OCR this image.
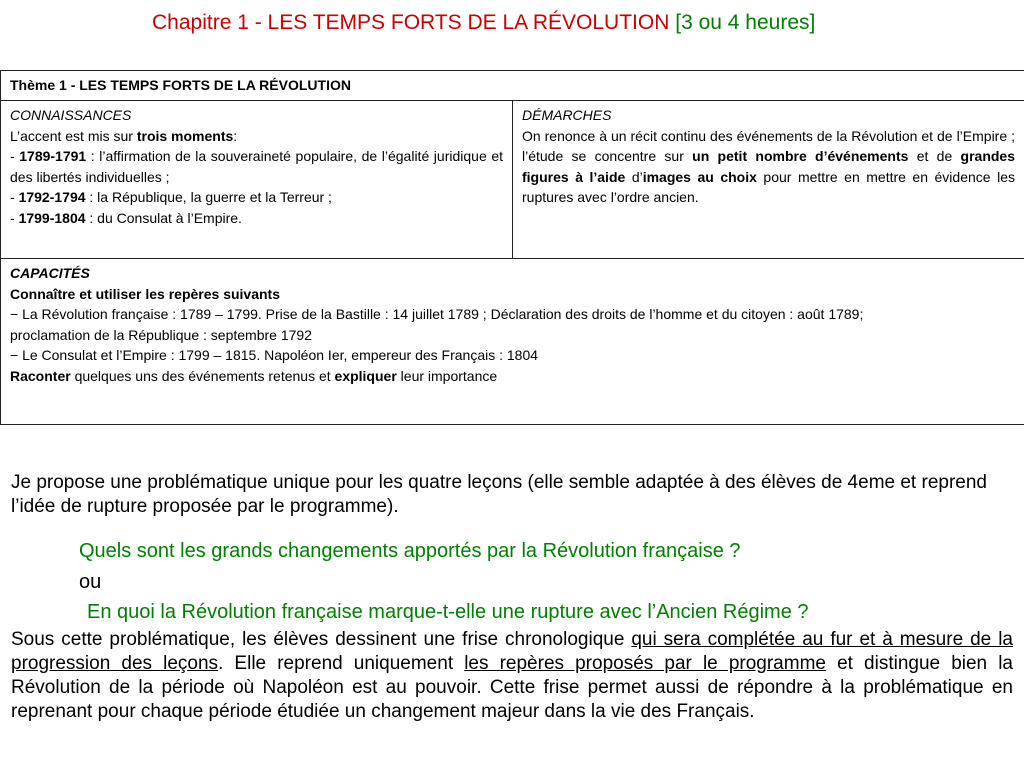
Chapitre 1 - LES TEMPS FORTS DE LA RÉVOLUTION [3 ou 4 heures]
Thème 1 - LES TEMPS FORTS DE LA RÉVOLUTION

CONNAISSANCES
L’accent est mis sur trois moments:
- 1789-1791 : l’affirmation de la souveraineté populaire, de l’égalité juridique et des libertés individuelles ;
- 1792-1794 : la République, la guerre et la Terreur ;
- 1799-1804 : du Consulat à l’Empire.

DÉMARCHES
On renonce à un récit continu des événements de la Révolution et de l’Empire ; l’étude se concentre sur un petit nombre d’événements et de grandes figures à l’aide d’images au choix pour mettre en mettre en évidence les ruptures avec l’ordre ancien.

CAPACITÉS
Connaître et utiliser les repères suivants
− La Révolution française : 1789 – 1799. Prise de la Bastille : 14 juillet 1789 ; Déclaration des droits de l’homme et du citoyen : août 1789;
proclamation de la République : septembre 1792
− Le Consulat et l’Empire : 1799 – 1815. Napoléon Ier, empereur des Français : 1804
Raconter quelques uns des événements retenus et expliquer leur importance

Je propose une problématique unique pour les quatre leçons (elle semble adaptée à des élèves de 4eme et reprend l’idée de rupture proposée par le programme).

Quels sont les grands changements apportés par la Révolution française ?
ou
En quoi la Révolution française marque-t-elle une rupture avec l’Ancien Régime ?

Sous cette problématique, les élèves dessinent une frise chronologique qui sera complétée au fur et à mesure de la progression des leçons. Elle reprend uniquement les repères proposés par le programme et distingue bien la Révolution de la période où Napoléon est au pouvoir. Cette frise permet aussi de répondre à la problématique en reprenant pour chaque période étudiée un changement majeur dans la vie des Français.
